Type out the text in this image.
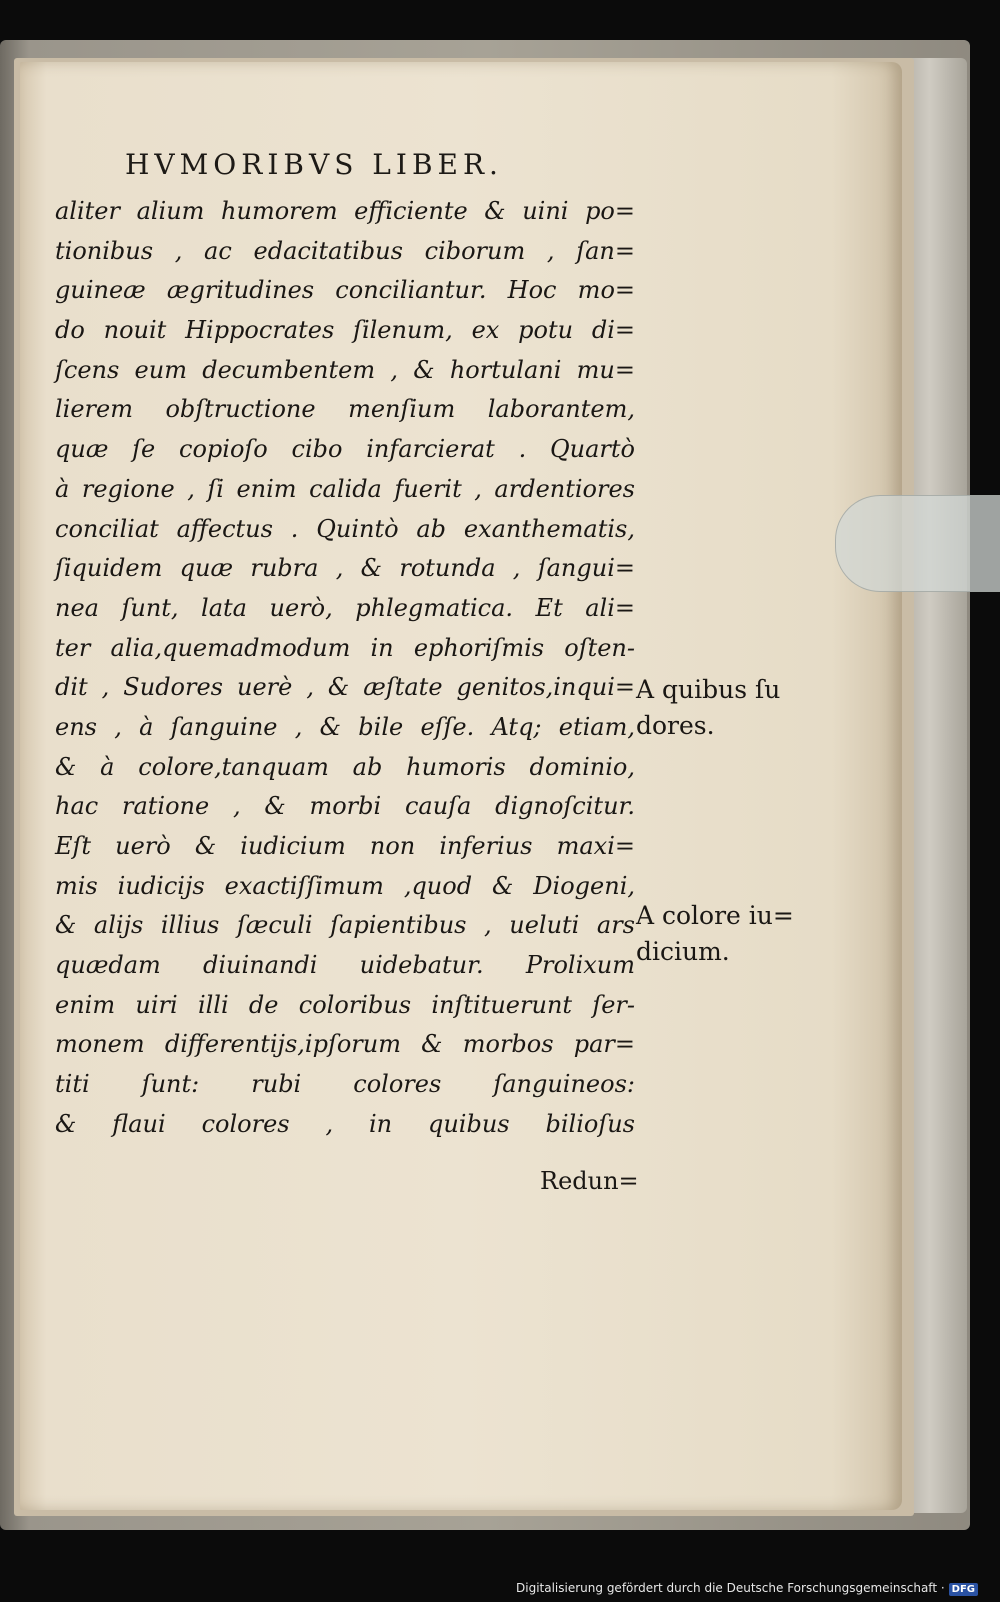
HVMORIBVS LIBER.
aliter alium humorem efficiente & uini po=
tionibus , ac edacitatibus ciborum , ſan=
guineæ ægritudines conciliantur. Hoc mo=
do nouit Hippocrates ſilenum, ex potu di=
ſcens eum decumbentem , & hortulani mu=
lierem obſtructione menſium laborantem,
quæ ſe copioſo cibo infarcierat . Quartò
à regione , ſi enim calida fuerit , ardentiores
conciliat affectus . Quintò ab exanthematis,
ſiquidem quæ rubra , & rotunda , ſangui=
nea ſunt, lata uerò, phlegmatica. Et ali=
ter alia,quemadmodum in ephoriſmis oſten-
dit , Sudores uerè , & æſtate genitos,inqui=
ens , à ſanguine , & bile eſſe. Atq; etiam,
& à colore,tanquam ab humoris dominio,
hac ratione , & morbi cauſa dignoſcitur.
Eſt uerò & iudicium non inferius maxi=
mis iudicijs exactiſſimum ,quod & Diogeni,
& alijs illius ſæculi ſapientibus , ueluti ars
quædam diuinandi uidebatur. Prolixum
enim uiri illi de coloribus inſtituerunt ſer-
monem differentijs,ipſorum & morbos par=
titi ſunt: rubi colores ſanguineos:
& flaui colores , in quibus bilioſus
Redun=
A quibus ſu
dores.
A colore iu=
dicium.
Digitalisierung gefördert durch die Deutsche Forschungsgemeinschaft · DFG
